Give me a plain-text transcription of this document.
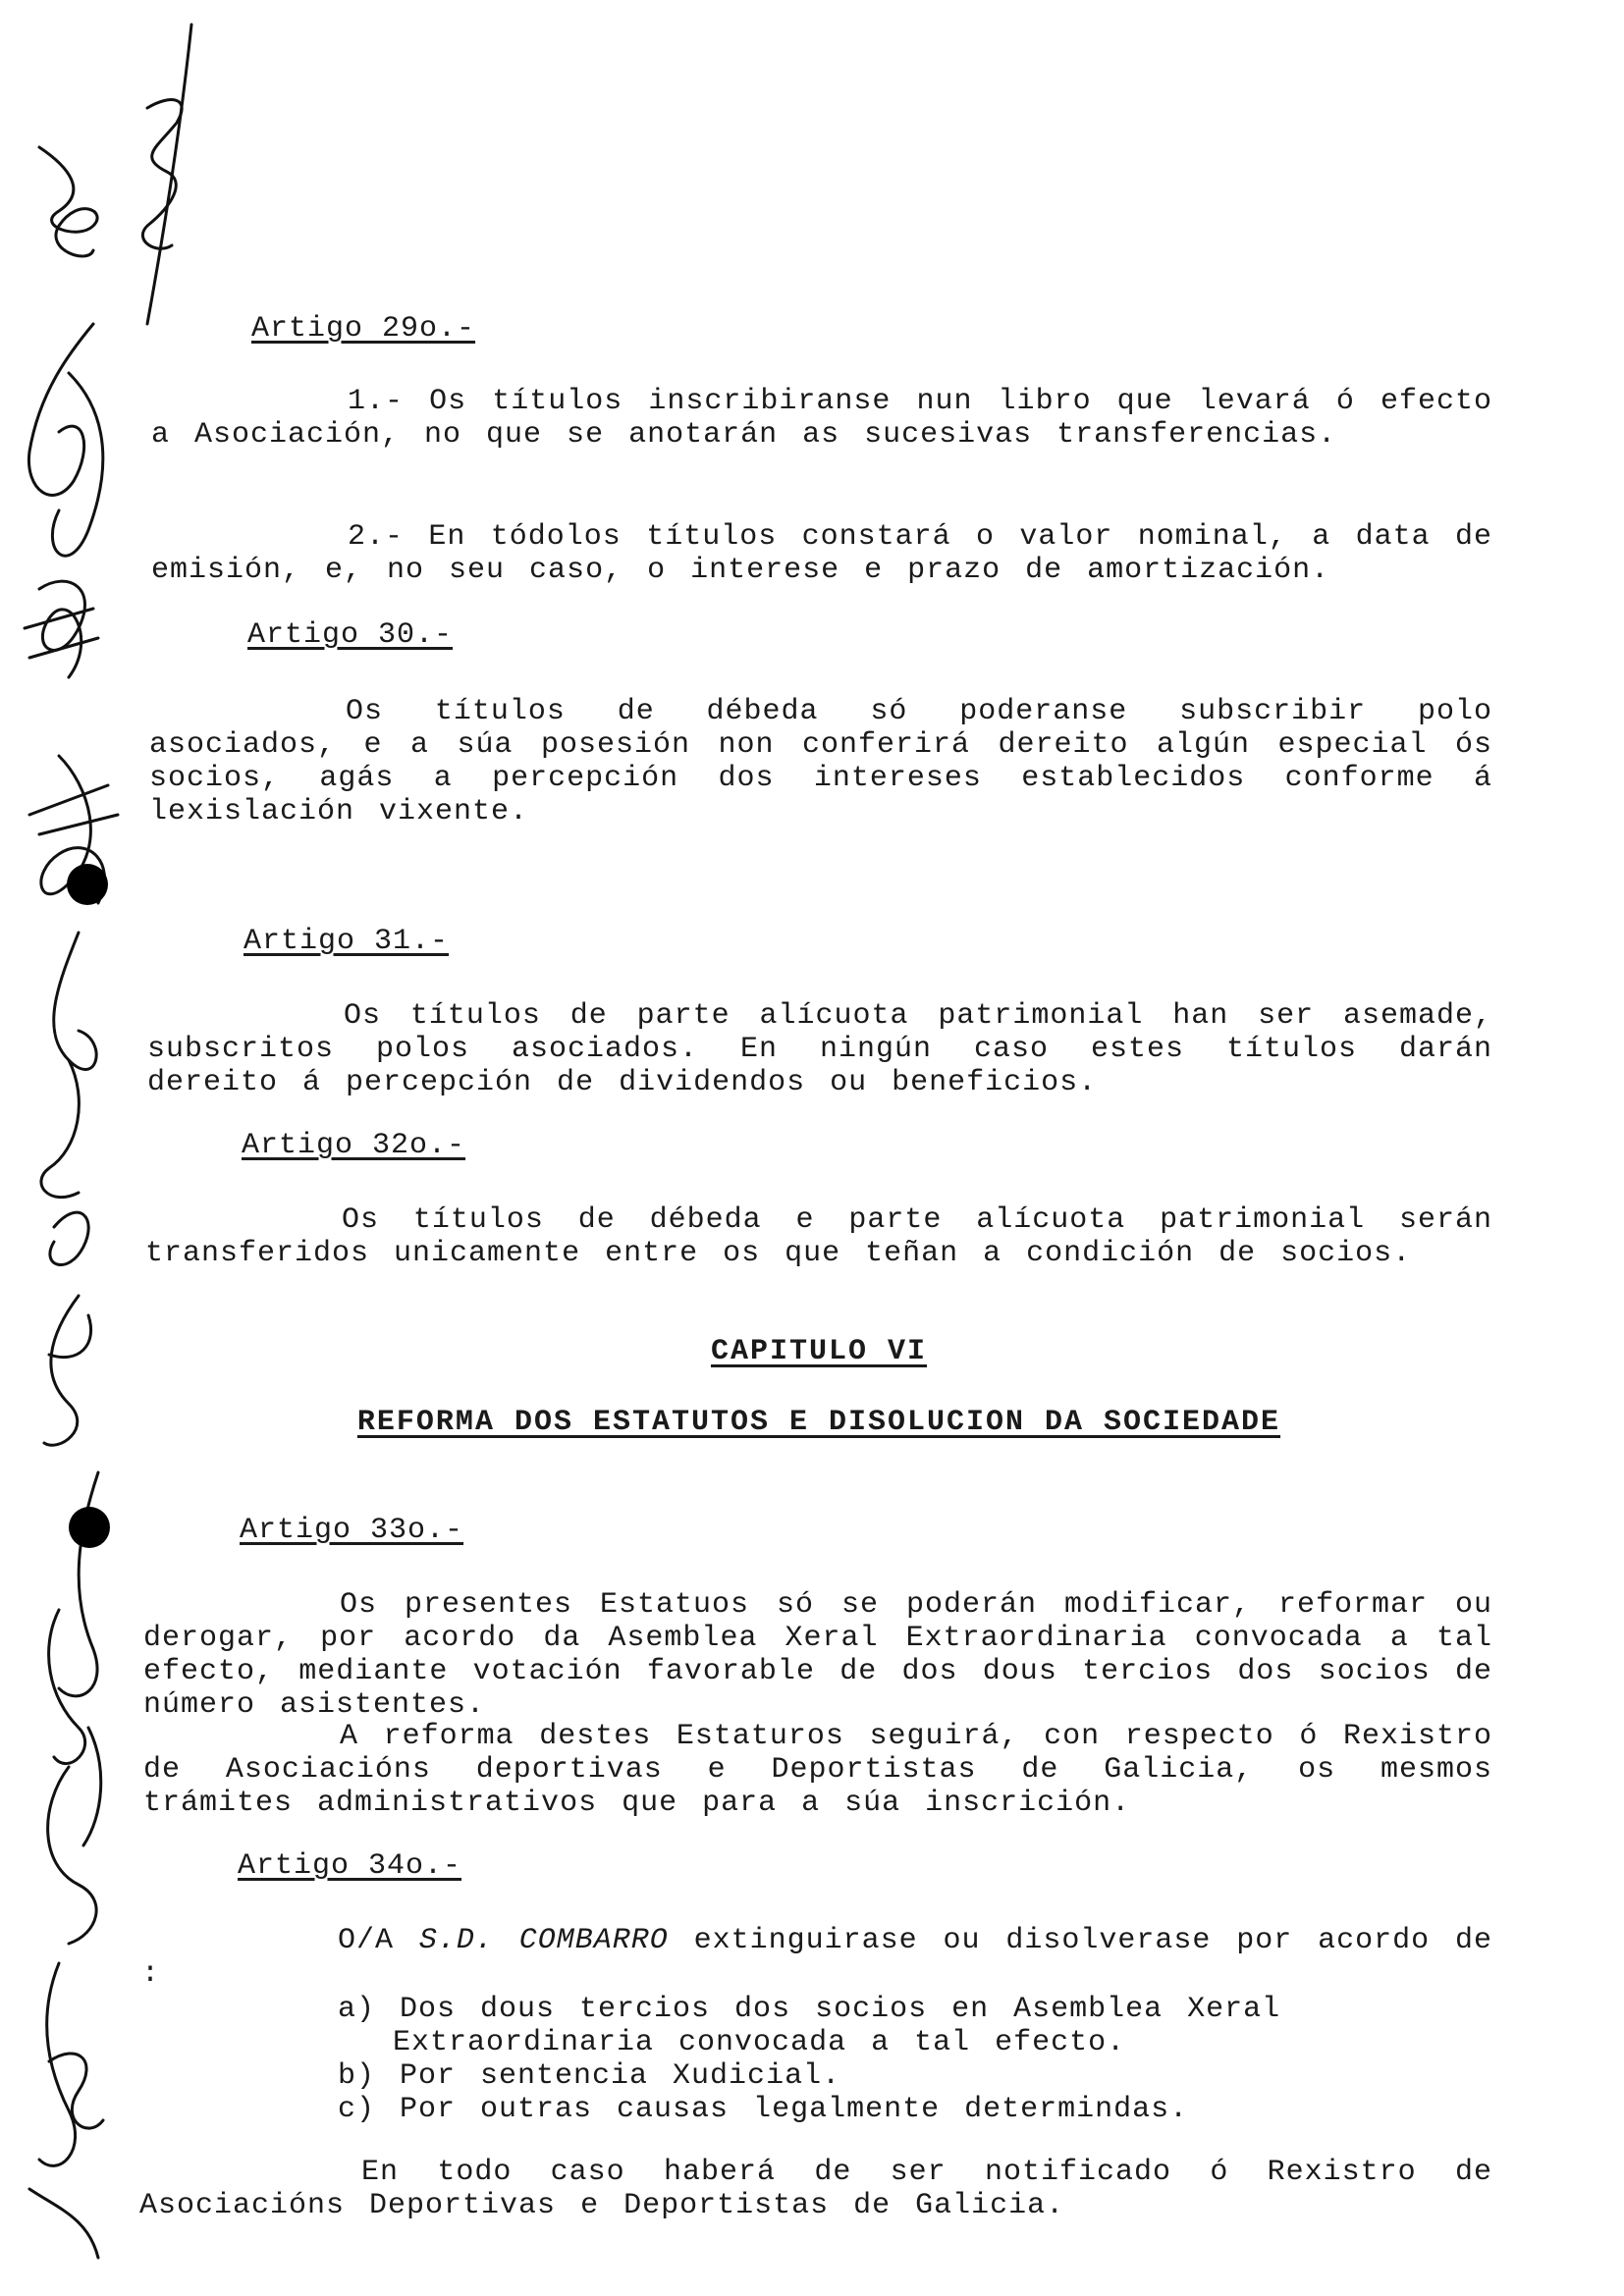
Artigo 29o.-

1.- Os títulos inscribiranse nun libro que levará ó efecto a Asociación, no que se anotarán as sucesivas transferencias.

2.- En tódolos títulos constará o valor nominal, a data de emisión, e, no seu caso, o interese e prazo de amortización.

Artigo 30.-

Os títulos de débeda só poderanse subscribir polo asociados, e a súa posesión non conferirá dereito algún especial ós socios, agás a percepción dos intereses establecidos conforme á lexislación vixente.

Artigo 31.-

Os títulos de parte alícuota patrimonial han ser asemade, subscritos polos asociados. En ningún caso estes títulos darán dereito á percepción de dividendos ou beneficios.

Artigo 32o.-

Os títulos de débeda e parte alícuota patrimonial serán transferidos unicamente entre os que teñan a condición de socios.

CAPITULO VI
REFORMA DOS ESTATUTOS E DISOLUCION DA SOCIEDADE
Artigo 33o.-

Os presentes Estatuos só se poderán modificar, reformar ou derogar, por acordo da Asemblea Xeral Extraordinaria convocada a tal efecto, mediante votación favorable de dos dous tercios dos socios de número asistentes.

A reforma destes Estaturos seguirá, con respecto ó Rexistro de Asociacións deportivas e Deportistas de Galicia, os mesmos trámites administrativos que para a súa inscrición.

Artigo 34o.-

O/A S.D. COMBARRO extinguirase ou disolverase por acordo de :

a) Dos dous tercios dos socios en Asemblea Xeral
Extraordinaria convocada a tal efecto.
b) Por sentencia Xudicial.
c) Por outras causas legalmente determindas.

En todo caso haberá de ser notificado ó Rexistro de Asociacións Deportivas e Deportistas de Galicia.
